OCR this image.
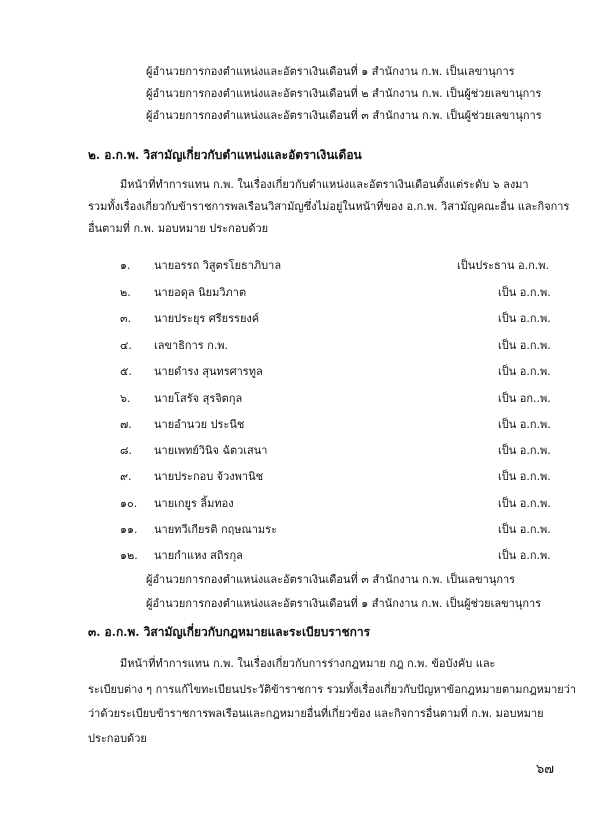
ผู้อำนวยการกองตำแหน่งและอัตราเงินเดือนที่ ๑ สำนักงาน ก.พ. เป็นเลขานุการ
ผู้อำนวยการกองตำแหน่งและอัตราเงินเดือนที่ ๒ สำนักงาน ก.พ. เป็นผู้ช่วยเลขานุการ
ผู้อำนวยการกองตำแหน่งและอัตราเงินเดือนที่ ๓ สำนักงาน ก.พ. เป็นผู้ช่วยเลขานุการ
๒. อ.ก.พ. วิสามัญเกี่ยวกับตำแหน่งและอัตราเงินเดือน
มีหน้าที่ทำการแทน ก.พ. ในเรื่องเกี่ยวกับตำแหน่งและอัตราเงินเดือนตั้งแต่ระดับ ๖ ลงมา
รวมทั้งเรื่องเกี่ยวกับข้าราชการพลเรือนวิสามัญซึ่งไม่อยู่ในหน้าที่ของ อ.ก.พ. วิสามัญคณะอื่น และกิจการ
อื่นตามที่ ก.พ. มอบหมาย ประกอบด้วย
๑. นายอรรถ วิสูตรโยธาภิบาล	เป็นประธาน อ.ก.พ.
๒. นายอดุล นิยมวิภาต	เป็น อ.ก.พ.
๓. นายประยุร ศรียรรยงค์	เป็น อ.ก.พ.
๔. เลขาธิการ ก.พ.	เป็น อ.ก.พ.
๕. นายดำรง สุนทรศารทูล	เป็น อ.ก.พ.
๖. นายโสรัจ สุรจิตกุล	เป็น อก..พ.
๗. นายอำนวย ประนีช	เป็น อ.ก.พ.
๘. นายเพทย์วินิจ ฉัตวเสนา	เป็น อ.ก.พ.
๙. นายประกอบ จ้วงพานิช	เป็น อ.ก.พ.
๑๐. นายเกยูร ลิ้มทอง	เป็น อ.ก.พ.
๑๑. นายทวีเกียรติ กฤษณามระ	เป็น อ.ก.พ.
๑๒. นายกำแหง สถิรกุล	เป็น อ.ก.พ.
ผู้อำนวยการกองตำแหน่งและอัตราเงินเดือนที่ ๓ สำนักงาน ก.พ. เป็นเลขานุการ
ผู้อำนวยการกองตำแหน่งและอัตราเงินเดือนที่ ๑ สำนักงาน ก.พ. เป็นผู้ช่วยเลขานุการ
๓. อ.ก.พ. วิสามัญเกี่ยวกับกฎหมายและระเบียบราชการ
มีหน้าที่ทำการแทน ก.พ. ในเรื่องเกี่ยวกับการร่างกฎหมาย กฎ ก.พ. ข้อบังคับ และ
ระเบียบต่าง ๆ การแก้ไขทะเบียนประวัติข้าราชการ รวมทั้งเรื่องเกี่ยวกับปัญหาข้อกฎหมายตามกฎหมายว่า
ว่าด้วยระเบียบข้าราชการพลเรือนและกฎหมายอื่นที่เกี่ยวข้อง และกิจการอื่นตามที่ ก.พ. มอบหมาย
ประกอบด้วย
๖๗
